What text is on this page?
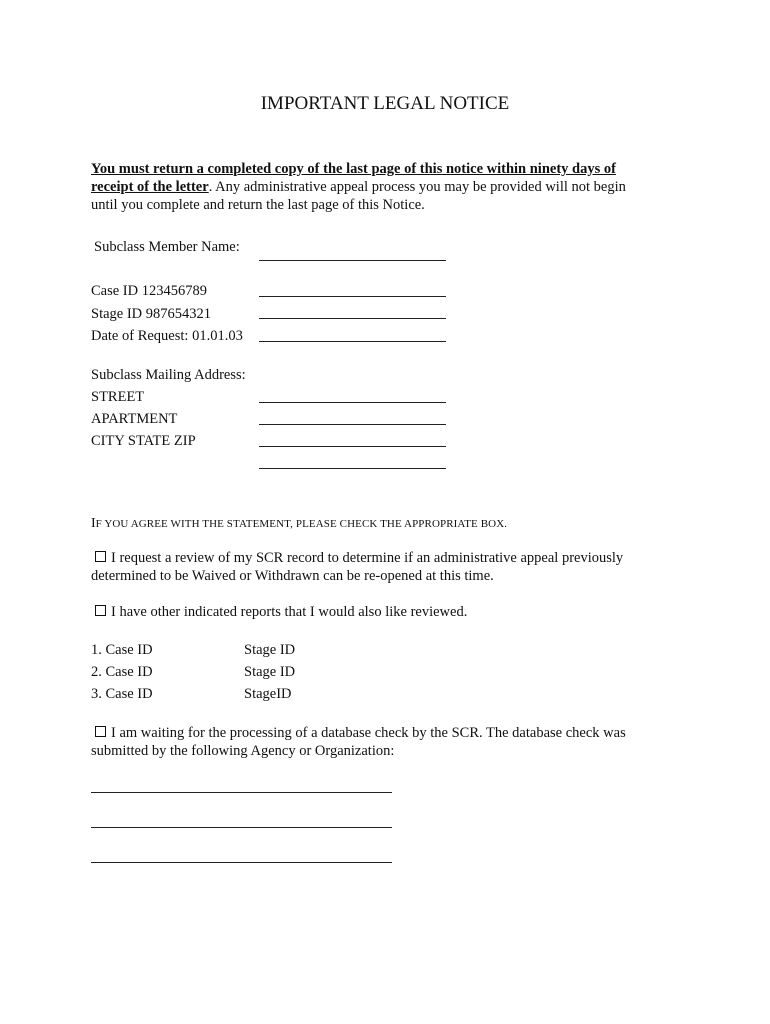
IMPORTANT LEGAL NOTICE
You must return a completed copy of the last page of this notice within ninety days of
receipt of the letter. Any administrative appeal process you may be provided will not begin
until you complete and return the last page of this Notice.
Subclass Member Name:
Case ID 123456789
Stage ID 987654321
Date of Request: 01.01.03
Subclass Mailing Address:
STREET
APARTMENT
CITY STATE ZIP
IF YOU AGREE WITH THE STATEMENT, PLEASE CHECK THE APPROPRIATE BOX.
I request a review of my SCR record to determine if an administrative appeal previously
determined to be Waived or Withdrawn can be re-opened at this time.
I have other indicated reports that I would also like reviewed.
1. Case ID	Stage ID
2. Case ID	Stage ID
3. Case ID	StageID
I am waiting for the processing of a database check by the SCR. The database check was
submitted by the following Agency or Organization:
